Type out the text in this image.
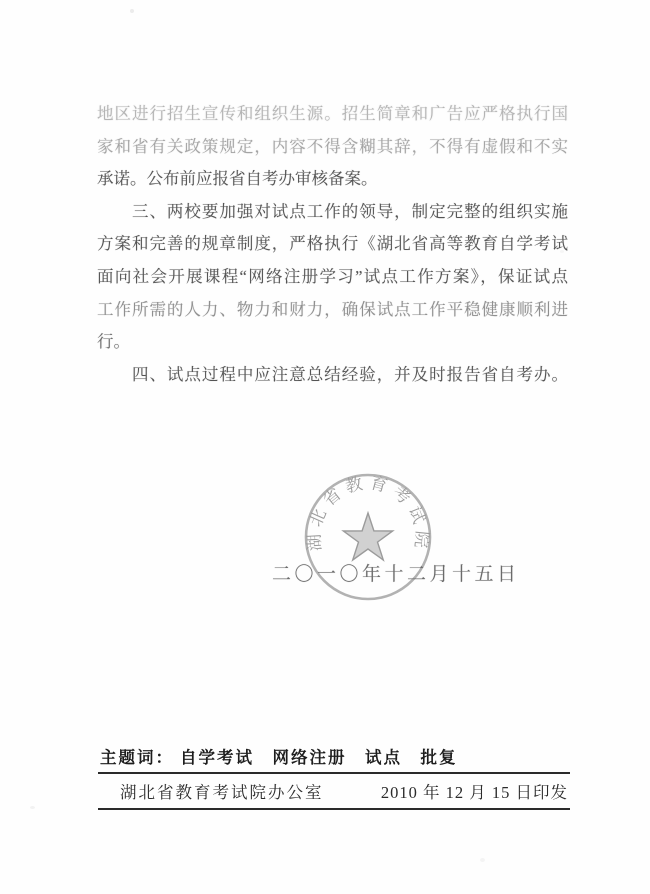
地区进行招生宣传和组织生源。招生简章和广告应严格执行国
家和省有关政策规定，内容不得含糊其辞，不得有虚假和不实
承诺。公布前应报省自考办审核备案。
　　三、两校要加强对试点工作的领导，制定完整的组织实施
方案和完善的规章制度，严格执行《湖北省高等教育自学考试
面向社会开展课程“网络注册学习”试点工作方案》，保证试点
工作所需的人力、物力和财力，确保试点工作平稳健康顺利进
行。
　　四、试点过程中应注意总结经验，并及时报告省自考办。
湖北省教育考试院
二〇一〇年十二月十五日
主题词： 自学考试　网络注册　试点　批复
湖北省教育考试院办公室	2010 年 12 月 15 日印发
